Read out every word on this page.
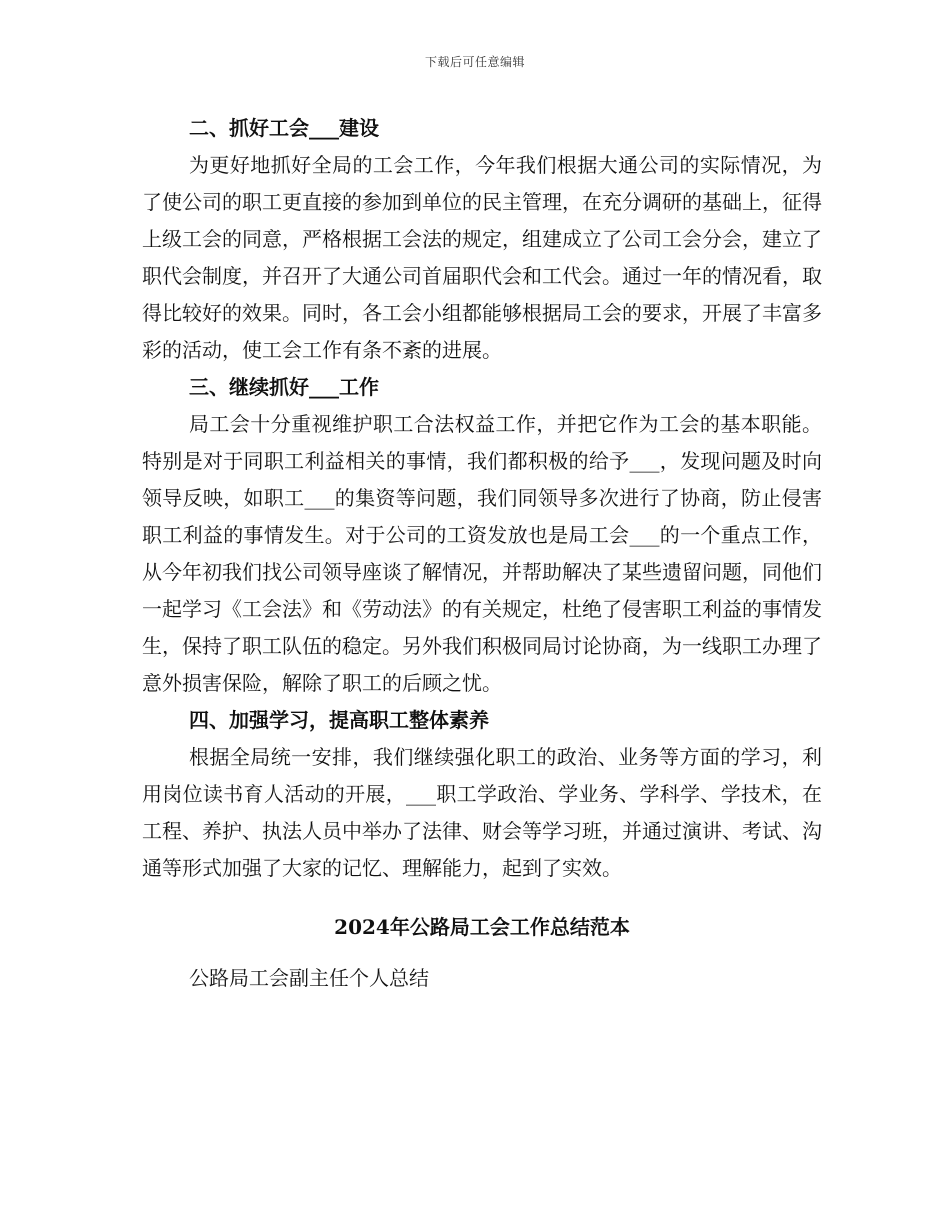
下载后可任意编辑

二、抓好工会___建设

为更好地抓好全局的工会工作，今年我们根据大通公司的实际情况，为了使公司的职工更直接的参加到单位的民主管理，在充分调研的基础上，征得上级工会的同意，严格根据工会法的规定，组建成立了公司工会分会，建立了职代会制度，并召开了大通公司首届职代会和工代会。通过一年的情况看，取得比较好的效果。同时，各工会小组都能够根据局工会的要求，开展了丰富多彩的活动，使工会工作有条不紊的进展。

三、继续抓好___工作

局工会十分重视维护职工合法权益工作，并把它作为工会的基本职能。特别是对于同职工利益相关的事情，我们都积极的给予___，发现问题及时向领导反映，如职工___的集资等问题，我们同领导多次进行了协商，防止侵害职工利益的事情发生。对于公司的工资发放也是局工会___的一个重点工作，从今年初我们找公司领导座谈了解情况，并帮助解决了某些遗留问题，同他们一起学习《工会法》和《劳动法》的有关规定，杜绝了侵害职工利益的事情发生，保持了职工队伍的稳定。另外我们积极同局讨论协商，为一线职工办理了意外损害保险，解除了职工的后顾之忧。

四、加强学习，提高职工整体素养

根据全局统一安排，我们继续强化职工的政治、业务等方面的学习，利用岗位读书育人活动的开展，___职工学政治、学业务、学科学、学技术，在工程、养护、执法人员中举办了法律、财会等学习班，并通过演讲、考试、沟通等形式加强了大家的记忆、理解能力，起到了实效。

2024年公路局工会工作总结范本

公路局工会副主任个人总结
